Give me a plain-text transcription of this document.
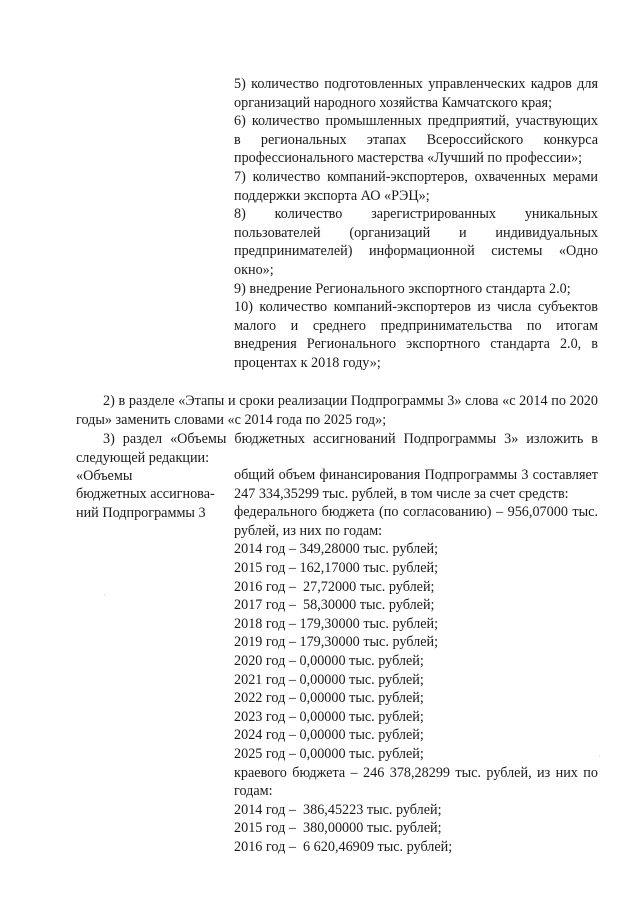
5) количество подготовленных управленческих кадров для организаций народного хозяйства Камчатского края;

6) количество промышленных предприятий, участвующих в региональных этапах Всероссийского конкурса профессионального мастерства «Лучший по профессии»;

7) количество компаний-экспортеров, охваченных мерами поддержки экспорта АО «РЭЦ»;

8) количество зарегистрированных уникальных пользователей (организаций и индивидуальных предпринимателей) информационной системы «Одно окно»;

9) внедрение Регионального экспортного стандарта 2.0;

10) количество компаний-экспортеров из числа субъектов малого и среднего предпринимательства по итогам внедрения Регионального экспортного стандарта 2.0, в процентах к 2018 году»;

2) в разделе «Этапы и сроки реализации Подпрограммы 3» слова «с 2014 по 2020 годы» заменить словами «с 2014 года по 2025 год»;

3) раздел «Объемы бюджетных ассигнований Подпрограммы 3» изложить в следующей редакции:

«Объемы
бюджетных ассигнова-
ний Подпрограммы 3

общий объем финансирования Подпрограммы 3 составляет 247 334,35299 тыс. рублей, в том числе за счет средств:

федерального бюджета (по согласованию) – 956,07000 тыс. рублей, из них по годам:

2014 год – 349,28000 тыс. рублей;

2015 год – 162,17000 тыс. рублей;

2016 год –  27,72000 тыс. рублей;

2017 год –  58,30000 тыс. рублей;

2018 год – 179,30000 тыс. рублей;

2019 год – 179,30000 тыс. рублей;

2020 год – 0,00000 тыс. рублей;

2021 год – 0,00000 тыс. рублей;

2022 год – 0,00000 тыс. рублей;

2023 год – 0,00000 тыс. рублей;

2024 год – 0,00000 тыс. рублей;

2025 год – 0,00000 тыс. рублей;

краевого бюджета – 246 378,28299 тыс. рублей, из них по годам:

2014 год –  386,45223 тыс. рублей;

2015 год –  380,00000 тыс. рублей;

2016 год –  6 620,46909 тыс. рублей;

·
·
